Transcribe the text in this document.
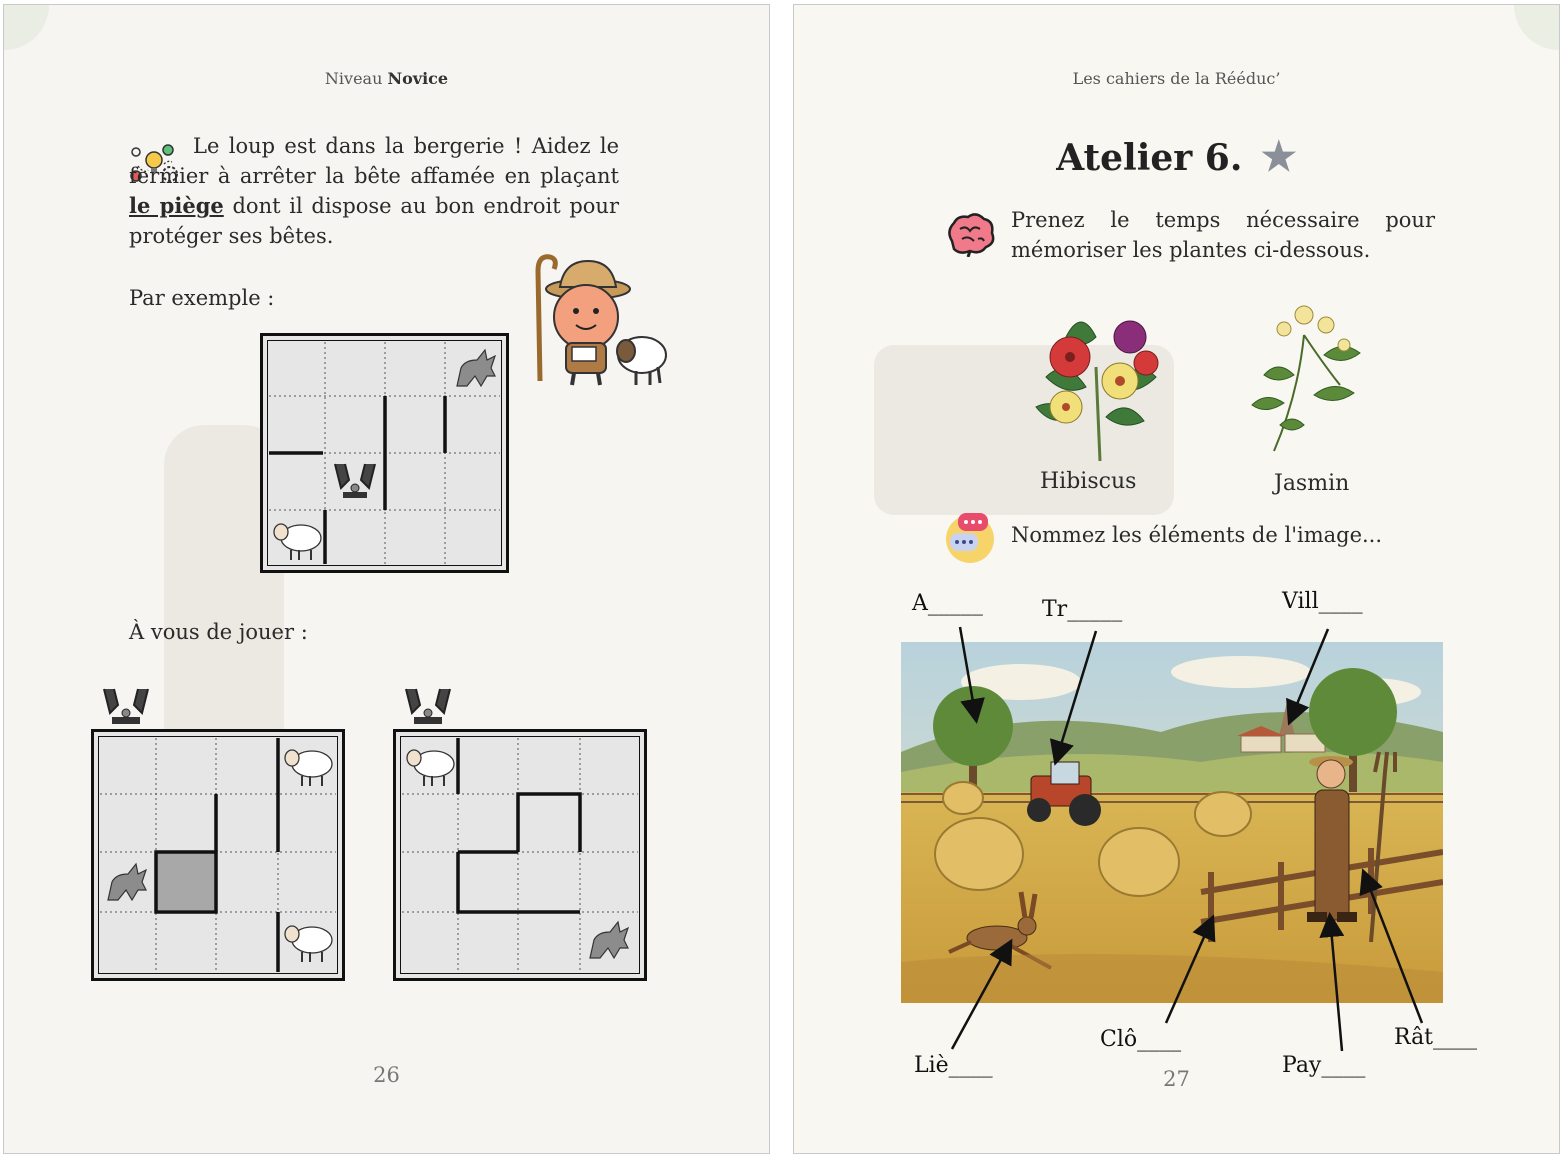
Niveau Novice
Le loup est dans la bergerie ! Aidez le fermier à arrêter la bête affamée en plaçant le piège dont il dispose au bon endroit pour protéger ses bêtes.
Par exemple :
À vous de jouer :
26
Les cahiers de la Rééduc’
Atelier 6. ★
Prenez le temps nécessaire pour mémoriser les plantes ci-dessous.
Hibiscus	Jasmin
Nommez les éléments de l'image...
A_____	Tr_____	Vill____
Liè____
Clô____
Pay____
Rât____
27
